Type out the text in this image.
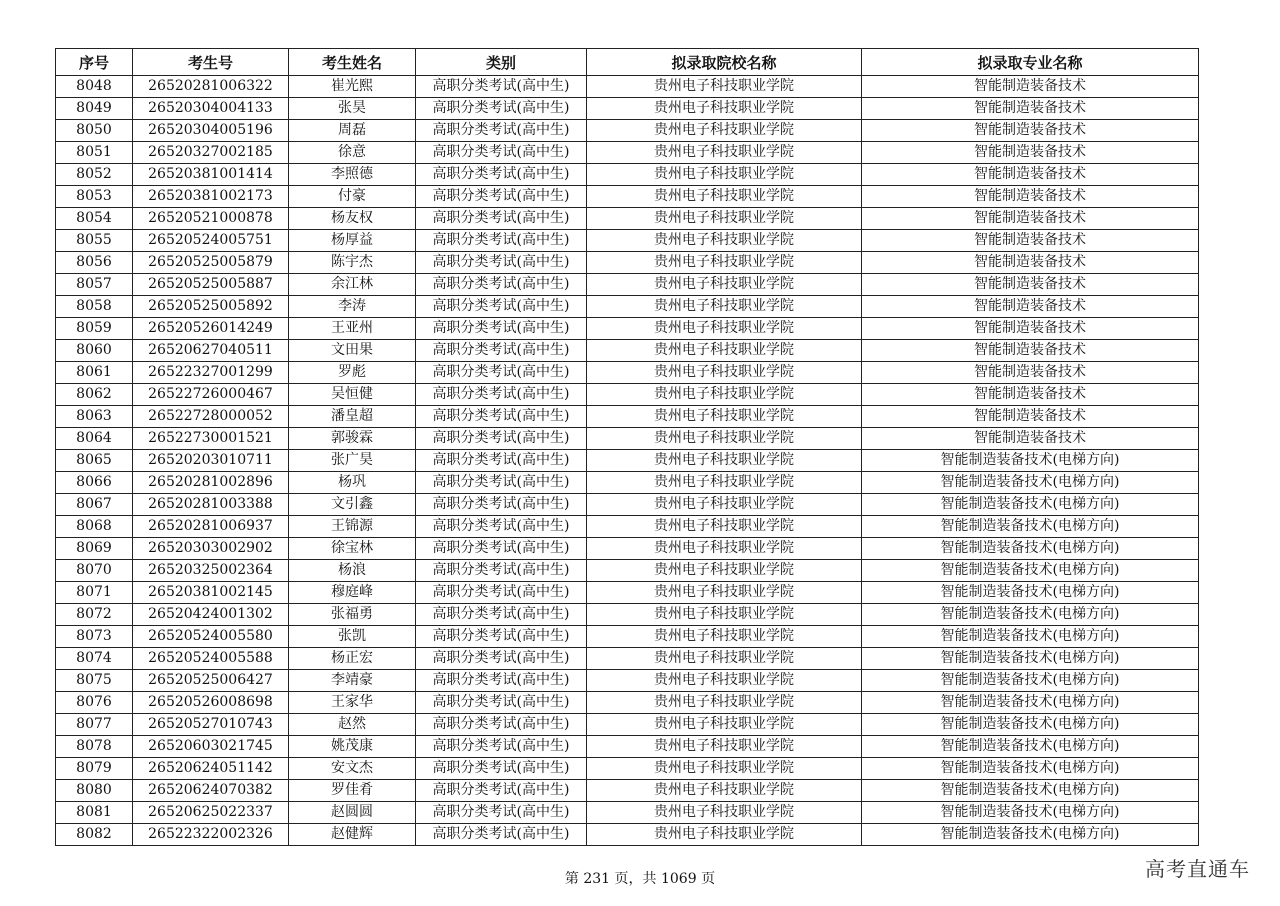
序号	考生号	考生姓名	类别	拟录取院校名称	拟录取专业名称
8048	26520281006322	崔光熙	高职分类考试(高中生)	贵州电子科技职业学院	智能制造装备技术
8049	26520304004133	张昊	高职分类考试(高中生)	贵州电子科技职业学院	智能制造装备技术
8050	26520304005196	周磊	高职分类考试(高中生)	贵州电子科技职业学院	智能制造装备技术
8051	26520327002185	徐意	高职分类考试(高中生)	贵州电子科技职业学院	智能制造装备技术
8052	26520381001414	李照德	高职分类考试(高中生)	贵州电子科技职业学院	智能制造装备技术
8053	26520381002173	付豪	高职分类考试(高中生)	贵州电子科技职业学院	智能制造装备技术
8054	26520521000878	杨友权	高职分类考试(高中生)	贵州电子科技职业学院	智能制造装备技术
8055	26520524005751	杨厚益	高职分类考试(高中生)	贵州电子科技职业学院	智能制造装备技术
8056	26520525005879	陈宇杰	高职分类考试(高中生)	贵州电子科技职业学院	智能制造装备技术
8057	26520525005887	余江林	高职分类考试(高中生)	贵州电子科技职业学院	智能制造装备技术
8058	26520525005892	李涛	高职分类考试(高中生)	贵州电子科技职业学院	智能制造装备技术
8059	26520526014249	王亚州	高职分类考试(高中生)	贵州电子科技职业学院	智能制造装备技术
8060	26520627040511	文田果	高职分类考试(高中生)	贵州电子科技职业学院	智能制造装备技术
8061	26522327001299	罗彪	高职分类考试(高中生)	贵州电子科技职业学院	智能制造装备技术
8062	26522726000467	吴恒健	高职分类考试(高中生)	贵州电子科技职业学院	智能制造装备技术
8063	26522728000052	潘皇超	高职分类考试(高中生)	贵州电子科技职业学院	智能制造装备技术
8064	26522730001521	郭骏霖	高职分类考试(高中生)	贵州电子科技职业学院	智能制造装备技术
8065	26520203010711	张广昊	高职分类考试(高中生)	贵州电子科技职业学院	智能制造装备技术(电梯方向)
8066	26520281002896	杨巩	高职分类考试(高中生)	贵州电子科技职业学院	智能制造装备技术(电梯方向)
8067	26520281003388	文引鑫	高职分类考试(高中生)	贵州电子科技职业学院	智能制造装备技术(电梯方向)
8068	26520281006937	王锦源	高职分类考试(高中生)	贵州电子科技职业学院	智能制造装备技术(电梯方向)
8069	26520303002902	徐宝林	高职分类考试(高中生)	贵州电子科技职业学院	智能制造装备技术(电梯方向)
8070	26520325002364	杨浪	高职分类考试(高中生)	贵州电子科技职业学院	智能制造装备技术(电梯方向)
8071	26520381002145	穆庭峰	高职分类考试(高中生)	贵州电子科技职业学院	智能制造装备技术(电梯方向)
8072	26520424001302	张福勇	高职分类考试(高中生)	贵州电子科技职业学院	智能制造装备技术(电梯方向)
8073	26520524005580	张凯	高职分类考试(高中生)	贵州电子科技职业学院	智能制造装备技术(电梯方向)
8074	26520524005588	杨正宏	高职分类考试(高中生)	贵州电子科技职业学院	智能制造装备技术(电梯方向)
8075	26520525006427	李靖豪	高职分类考试(高中生)	贵州电子科技职业学院	智能制造装备技术(电梯方向)
8076	26520526008698	王家华	高职分类考试(高中生)	贵州电子科技职业学院	智能制造装备技术(电梯方向)
8077	26520527010743	赵然	高职分类考试(高中生)	贵州电子科技职业学院	智能制造装备技术(电梯方向)
8078	26520603021745	姚茂康	高职分类考试(高中生)	贵州电子科技职业学院	智能制造装备技术(电梯方向)
8079	26520624051142	安文杰	高职分类考试(高中生)	贵州电子科技职业学院	智能制造装备技术(电梯方向)
8080	26520624070382	罗佳肴	高职分类考试(高中生)	贵州电子科技职业学院	智能制造装备技术(电梯方向)
8081	26520625022337	赵圆圆	高职分类考试(高中生)	贵州电子科技职业学院	智能制造装备技术(电梯方向)
8082	26522322002326	赵健辉	高职分类考试(高中生)	贵州电子科技职业学院	智能制造装备技术(电梯方向)
第 231 页，共 1069 页	高考直通车
